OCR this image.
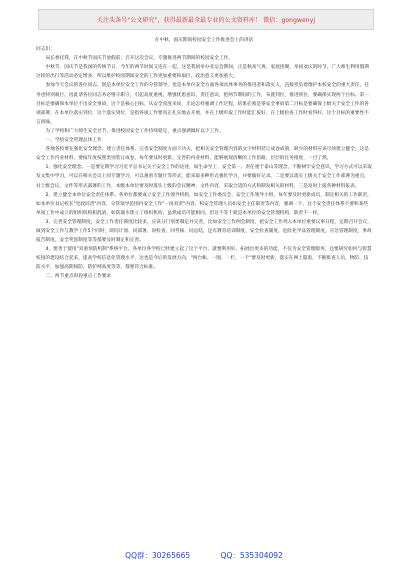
关注头条号"公文研究"，获得最新最全最专业的公文资料库！ 微信：gongwenyj

在中秋、国庆期间校园安全工作推进会上的讲话

同志们：

局长委托我，在中秋节国庆节放假前，召开这次会议，专题推进两节期间的校园安全工作。

中秋节、国庆节是我国的传统节日，今年的两节时间又连在一起，这是我国举办亚运会期间，正是秋高气爽、家庭团聚，举国欢庆的时节。广大师生利用假期
这样的出行等活动必定增多，所以维护校园期间安全的工作更加重要和艰巨。政治意义更加重大。

参加今天会议的各位同志，既是本单位安全工作的分管领导，也是本单位安全方面各项具体事务的推进者和落实人，直接担负着维护本校安全的重大责任，任
务也特别艰巨。因此请各位同志务必恪守职守，引起高度重视，增强忧患意识、责任意识，把两节期间的工作，布置到位，推进到位，要确保实现两个目标。第一
目标是要确保本单位不出安全事故，这个是核心目标，从安全角度来说，无论怎样强调工作过程，结果必须是零安全事故第二目标是要确保上级关于安全工作的各
项部署，在本单位落实到位，这个落实到位，是指各项工作要真正扎实地去开展，并在上级听取工作时能汇报好，在上级检查工作时看得好，这个目标的重要性不
言而喻。

为了学校和广大师生安全过节，推进校园安全工作持续稳定，重点强调做好以下工作。

一、学校安全管理总体工作

各地各校要在强化安全理念、建立责任体系、完善安全制度方面下功夫，把相关安全管理内容的文字材料装订成卷成册，缺少的材料应该尽快建立健全，这是
安全工作内业材料，要按年度按照类别装订成卷，每年要及时更新。完善的内业材料，能够展现清晰的工作思路，层层的任务推进，一目了然。

1、强化安全理念。一是要定期学习习近平总书记关于安全工作的论述，如生命至上、安全第一、责任重于泰山等理念，不断树牢安全意识，学习方式可以采取
发文集中学习，可以在相关会议上同专题学习，可以观看专题片等形式，能采取多种形式强化学习，并要做好记录。二是要以落实上级关于安全工作部署为重点，
对上级会议、文件等形式部署的工作，本级本单位要及时落实上级的会议精神，文件内容，采取合适的方式和制发相关的材料，三是及时上报各种材料报表。

2、建立健全本单位安全责任体系。各单位都要成立安全工作领导机构，如安全工作委员会、安全工作领导小组，每年要及时更新成员，制定相关的工作职责，
如本单位书记校长"党政同责"内容，分管领导范围内安全工作"一岗双责"内容，和安全管理人员如安全主任职责等内容，强调一下，这个安全责任体系不要和某些
单项工作中成立的组织机构相混淆，如防溺水建立了组织机构，虽然成员可能相同，但这不等于就是本单位的安全管理机构，职责不一样。

3、完善安全管理制度。安全工作责任制度比较多，应该分门别类制定并完善，比如安全工作例会制度，把安全工作列入本单位重要议事日程，定期召开会议，
做到安全工作与教学工作5个同时，即同计划、同部署、同检查、同考核、同总结，还有教育培训制度、安全检查制度，危险化学品管理制度，应急管理制度，事故
报告制度，安全奖惩制度等等都要及时制定和完善。

4、要善于使用"双重预防机制"系统平台。各单位各学校已经建立起了这个平台，就要利用好。拓展出更多的功能，不仅为安全管理服务，还要研究如何与智慧
校园的建设结合起来，提高学校信息化管理水平，达也是今后的发展方向，"两台帐、一图、一栏、一卡"要及时更新。落实在网上隐患，不断排查人员、物防、技
防水平，加强高期间防、防护网高度等等，都要符合标准。

二、两节重点时段重点工作要求

QQ群：30265665	QQ：535304092
